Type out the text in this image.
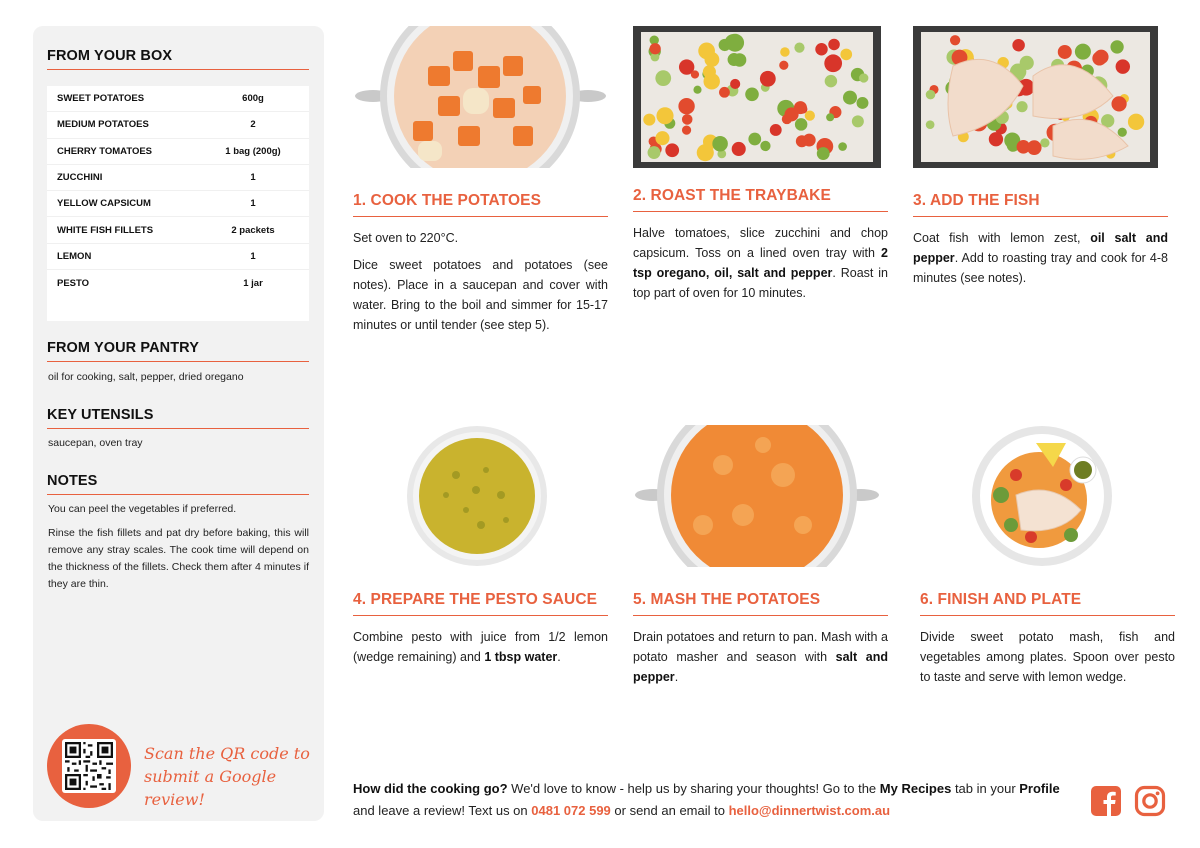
FROM YOUR BOX
SWEET POTATOES	600g
MEDIUM POTATOES	2
CHERRY TOMATOES	1 bag (200g)
ZUCCHINI	1
YELLOW CAPSICUM	1
WHITE FISH FILLETS	2 packets
LEMON	1
PESTO	1 jar
FROM YOUR PANTRY
oil for cooking, salt, pepper, dried oregano
KEY UTENSILS
saucepan, oven tray
NOTES

You can peel the vegetables if preferred.

Rinse the fish fillets and pat dry before baking, this will remove any stray scales. The cook time will depend on the thickness of the fillets. Check them after 4 minutes if they are thin.

Scan the QR code to submit a Google review!
1. COOK THE POTATOES

Set oven to 220°C.

Dice sweet potatoes and potatoes (see notes). Place in a saucepan and cover with water. Bring to the boil and simmer for 15-17 minutes or until tender (see step 5).

2. ROAST THE TRAYBAKE

Halve tomatoes, slice zucchini and chop capsicum. Toss on a lined oven tray with 2 tsp oregano, oil, salt and pepper. Roast in top part of oven for 10 minutes.

3. ADD THE FISH

Coat fish with lemon zest, oil salt and pepper. Add to roasting tray and cook for 4-8 minutes (see notes).

4. PREPARE THE PESTO SAUCE

Combine pesto with juice from 1/2 lemon (wedge remaining) and 1 tbsp water.

5. MASH THE POTATOES

Drain potatoes and return to pan. Mash with a potato masher and season with salt and pepper.

6. FINISH AND PLATE

Divide sweet potato mash, fish and vegetables among plates. Spoon over pesto to taste and serve with lemon wedge.

How did the cooking go? We'd love to know - help us by sharing your thoughts! Go to the My Recipes tab in your Profile and leave a review! Text us on 0481 072 599 or send an email to hello@dinnertwist.com.au
